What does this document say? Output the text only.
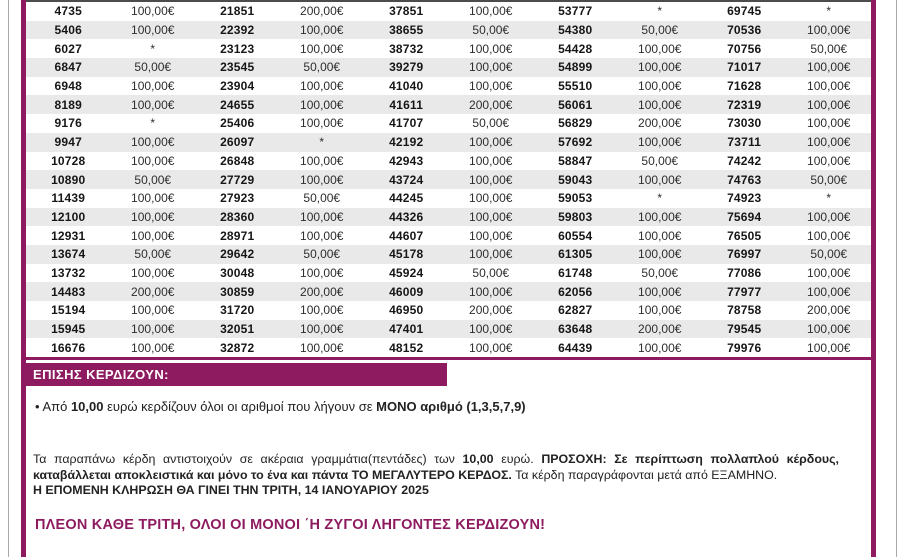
4735	100,00€	21851	200,00€	37851	100,00€	53777	*	69745	*
5406	100,00€	22392	100,00€	38655	50,00€	54380	50,00€	70536	100,00€
6027	*	23123	100,00€	38732	100,00€	54428	100,00€	70756	50,00€
6847	50,00€	23545	50,00€	39279	100,00€	54899	100,00€	71017	100,00€
6948	100,00€	23904	100,00€	41040	100,00€	55510	100,00€	71628	100,00€
8189	100,00€	24655	100,00€	41611	200,00€	56061	100,00€	72319	100,00€
9176	*	25406	100,00€	41707	50,00€	56829	200,00€	73030	100,00€
9947	100,00€	26097	*	42192	100,00€	57692	100,00€	73711	100,00€
10728	100,00€	26848	100,00€	42943	100,00€	58847	50,00€	74242	100,00€
10890	50,00€	27729	100,00€	43724	100,00€	59043	100,00€	74763	50,00€
11439	100,00€	27923	50,00€	44245	100,00€	59053	*	74923	*
12100	100,00€	28360	100,00€	44326	100,00€	59803	100,00€	75694	100,00€
12931	100,00€	28971	100,00€	44607	100,00€	60554	100,00€	76505	100,00€
13674	50,00€	29642	50,00€	45178	100,00€	61305	100,00€	76997	50,00€
13732	100,00€	30048	100,00€	45924	50,00€	61748	50,00€	77086	100,00€
14483	200,00€	30859	200,00€	46009	100,00€	62056	100,00€	77977	100,00€
15194	100,00€	31720	100,00€	46950	200,00€	62827	100,00€	78758	200,00€
15945	100,00€	32051	100,00€	47401	100,00€	63648	200,00€	79545	100,00€
16676	100,00€	32872	100,00€	48152	100,00€	64439	100,00€	79976	100,00€
ΕΠΙΣΗΣ ΚΕΡΔΙΖΟΥΝ:
• Από 10,00 ευρώ κερδίζουν όλοι οι αριθμοί που λήγουν σε ΜΟΝΟ αριθμό (1,3,5,7,9)
Τα παραπάνω κέρδη αντιστοιχούν σε ακέραια γραμμάτια(πεντάδες) των 10,00 ευρώ. ΠΡΟΣΟΧΗ: Σε περίπτωση πολλαπλού κέρδους, καταβάλλεται αποκλειστικά και μόνο το ένα και πάντα ΤΟ ΜΕΓΑΛΥΤΕΡΟ ΚΕΡΔΟΣ. Τα κέρδη παραγράφονται μετά από ΕΞΑΜΗΝΟ.
Η ΕΠΟΜΕΝΗ ΚΛΗΡΩΣΗ ΘΑ ΓΙΝΕΙ ΤΗΝ ΤΡΙΤΗ, 14 ΙΑΝΟΥΑΡΙΟΥ 2025
ΠΛΕΟΝ ΚΑΘΕ ΤΡΙΤΗ, ΟΛΟΙ ΟΙ ΜΟΝΟΙ ΄Η ΖΥΓΟΙ ΛΗΓΟΝΤΕΣ ΚΕΡΔΙΖΟΥΝ!
